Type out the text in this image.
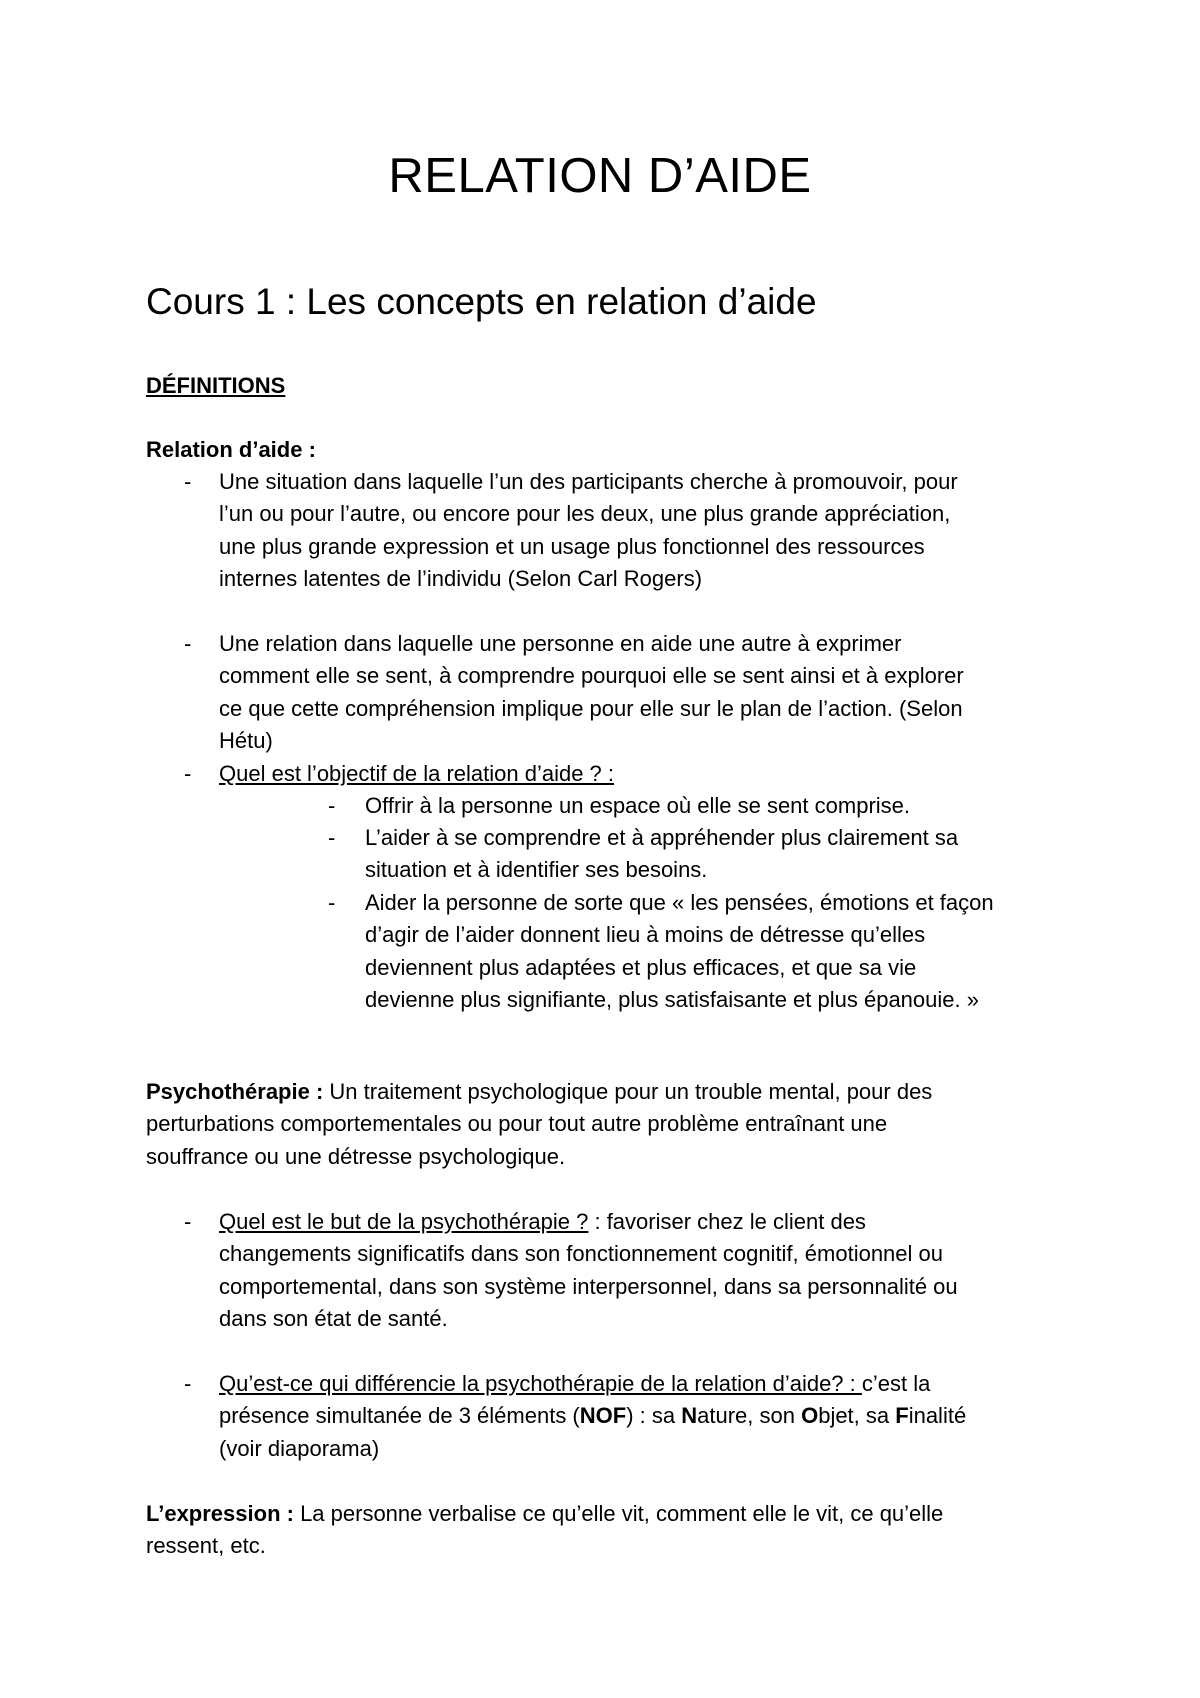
RELATION D’AIDE
Cours 1 : Les concepts en relation d’aide

DÉFINITIONS

Relation d’aide :

- Une situation dans laquelle l’un des participants cherche à promouvoir, pour
l’un ou pour l’autre, ou encore pour les deux, une plus grande appréciation,
une plus grande expression et un usage plus fonctionnel des ressources
internes latentes de l’individu (Selon Carl Rogers)
- Une relation dans laquelle une personne en aide une autre à exprimer
comment elle se sent, à comprendre pourquoi elle se sent ainsi et à explorer
ce que cette compréhension implique pour elle sur le plan de l’action. (Selon
Hétu)
- Quel est l’objectif de la relation d’aide ? :
- Offrir à la personne un espace où elle se sent comprise.
- L’aider à se comprendre et à appréhender plus clairement sa
situation et à identifier ses besoins.
- Aider la personne de sorte que « les pensées, émotions et façon
d’agir de l’aider donnent lieu à moins de détresse qu’elles
deviennent plus adaptées et plus efficaces, et que sa vie
devienne plus signifiante, plus satisfaisante et plus épanouie. »
Psychothérapie : Un traitement psychologique pour un trouble mental, pour des
perturbations comportementales ou pour tout autre problème entraînant une
souffrance ou une détresse psychologique.
- Quel est le but de la psychothérapie ? : favoriser chez le client des
changements significatifs dans son fonctionnement cognitif, émotionnel ou
comportemental, dans son système interpersonnel, dans sa personnalité ou
dans son état de santé.
- Qu’est-ce qui différencie la psychothérapie de la relation d’aide? : c’est la
présence simultanée de 3 éléments (NOF) : sa Nature, son Objet, sa Finalité
(voir diaporama)
L’expression : La personne verbalise ce qu’elle vit, comment elle le vit, ce qu’elle
ressent, etc.
